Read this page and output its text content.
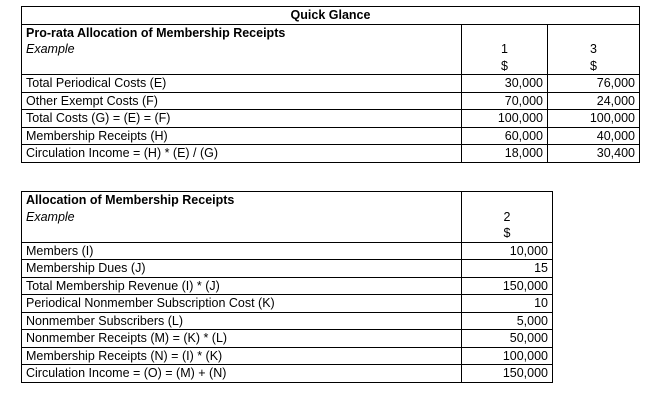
Quick Glance		
Pro-rata Allocation of Membership Receipts		
Example	1	3
	$	$
Total Periodical Costs (E)	30,000	76,000
Other Exempt Costs (F)	70,000	24,000
Total Costs (G) = (E) = (F)	100,000	100,000
Membership Receipts (H)	60,000	40,000
Circulation Income = (H) * (E) / (G)	18,000	30,400
Allocation of Membership Receipts	
Example	2
	$
Members (I)	10,000
Membership Dues (J)	15
Total Membership Revenue (I) * (J)	150,000
Periodical Nonmember Subscription Cost (K)	10
Nonmember Subscribers (L)	5,000
Nonmember Receipts (M) = (K) * (L)	50,000
Membership Receipts (N) = (I) * (K)	100,000
Circulation Income = (O) = (M) + (N)	150,000
